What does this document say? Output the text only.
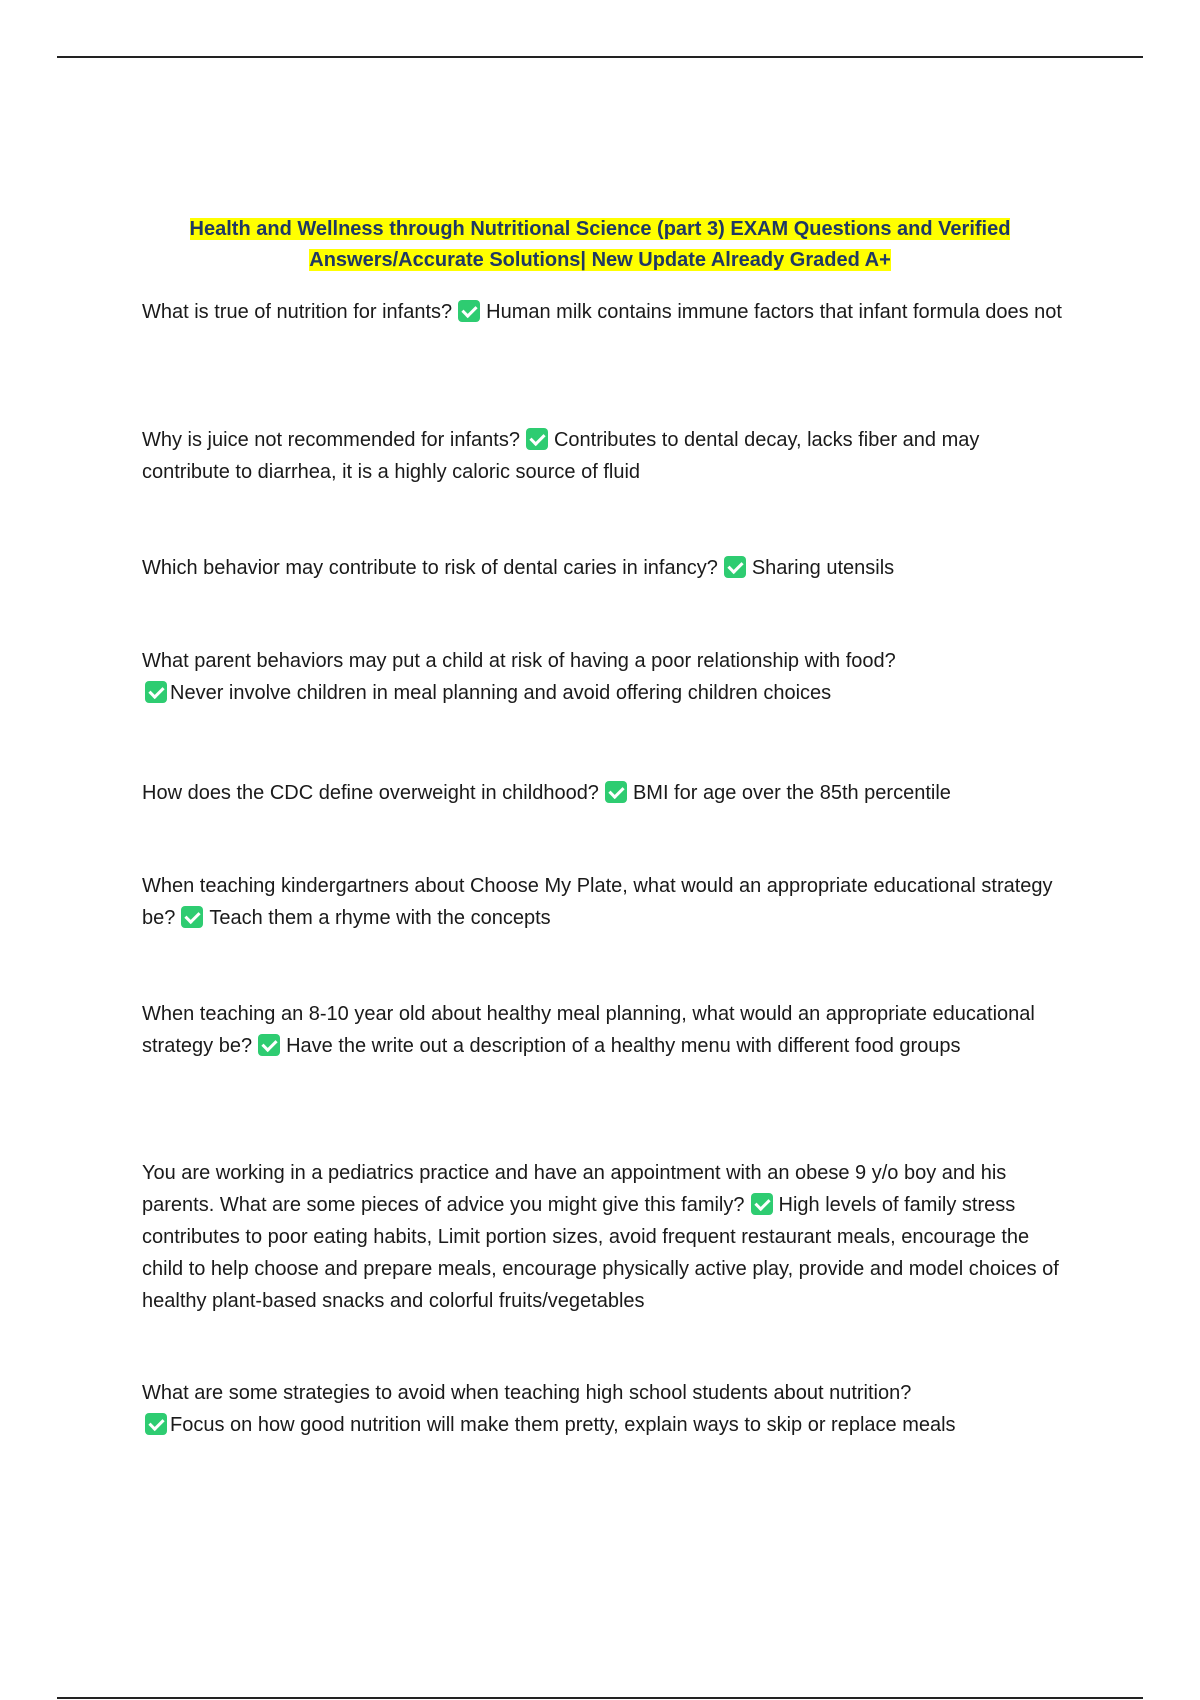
Health and Wellness through Nutritional Science (part 3) EXAM Questions and Verified Answers/Accurate Solutions| New Update Already Graded A+
What is true of nutrition for infants? Human milk contains immune factors that infant formula does not
Why is juice not recommended for infants? Contributes to dental decay, lacks fiber and may contribute to diarrhea, it is a highly caloric source of fluid
Which behavior may contribute to risk of dental caries in infancy? Sharing utensils
What parent behaviors may put a child at risk of having a poor relationship with food?
Never involve children in meal planning and avoid offering children choices
How does the CDC define overweight in childhood? BMI for age over the 85th percentile
When teaching kindergartners about Choose My Plate, what would an appropriate educational strategy be? Teach them a rhyme with the concepts
When teaching an 8-10 year old about healthy meal planning, what would an appropriate educational strategy be? Have the write out a description of a healthy menu with different food groups
You are working in a pediatrics practice and have an appointment with an obese 9 y/o boy and his parents. What are some pieces of advice you might give this family? High levels of family stress contributes to poor eating habits, Limit portion sizes, avoid frequent restaurant meals, encourage the child to help choose and prepare meals, encourage physically active play, provide and model choices of healthy plant-based snacks and colorful fruits/vegetables
What are some strategies to avoid when teaching high school students about nutrition?
Focus on how good nutrition will make them pretty, explain ways to skip or replace meals
